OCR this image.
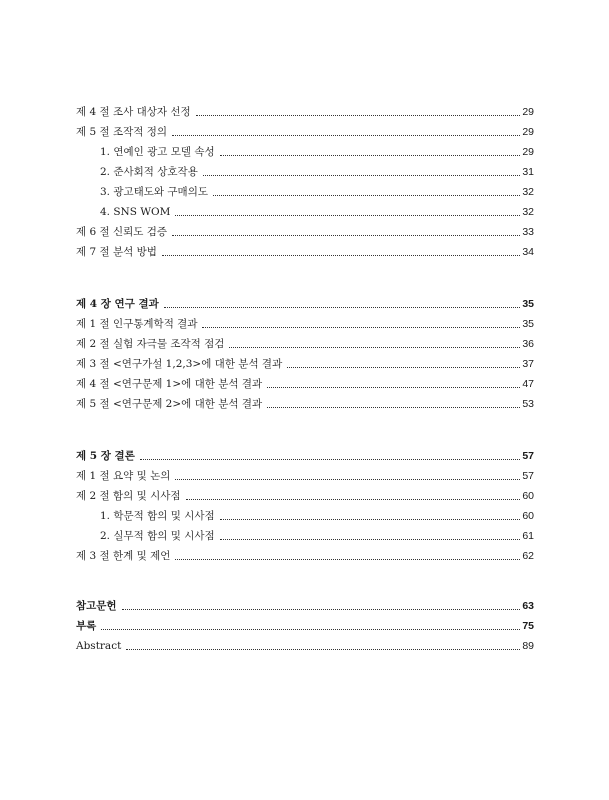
제 4 절 조사 대상자 선정	29
제 5 절 조작적 정의	29
1. 연예인 광고 모델 속성	29
2. 준사회적 상호작용	31
3. 광고태도와 구매의도	32
4. SNS WOM	32
제 6 절 신뢰도 검증	33
제 7 절 분석 방법	34
제 4 장 연구 결과	35
제 1 절 인구통계학적 결과	35
제 2 절 실험 자극물 조작적 점검	36
제 3 절 <연구가설 1,2,3>에 대한 분석 결과	37
제 4 절 <연구문제 1>에 대한 분석 결과	47
제 5 절 <연구문제 2>에 대한 분석 결과	53
제 5 장 결론	57
제 1 절 요약 및 논의	57
제 2 절 함의 및 시사점	60
1. 학문적 함의 및 시사점	60
2. 실무적 함의 및 시사점	61
제 3 절 한계 및 제언	62
참고문헌	63
부록	75
Abstract	89
